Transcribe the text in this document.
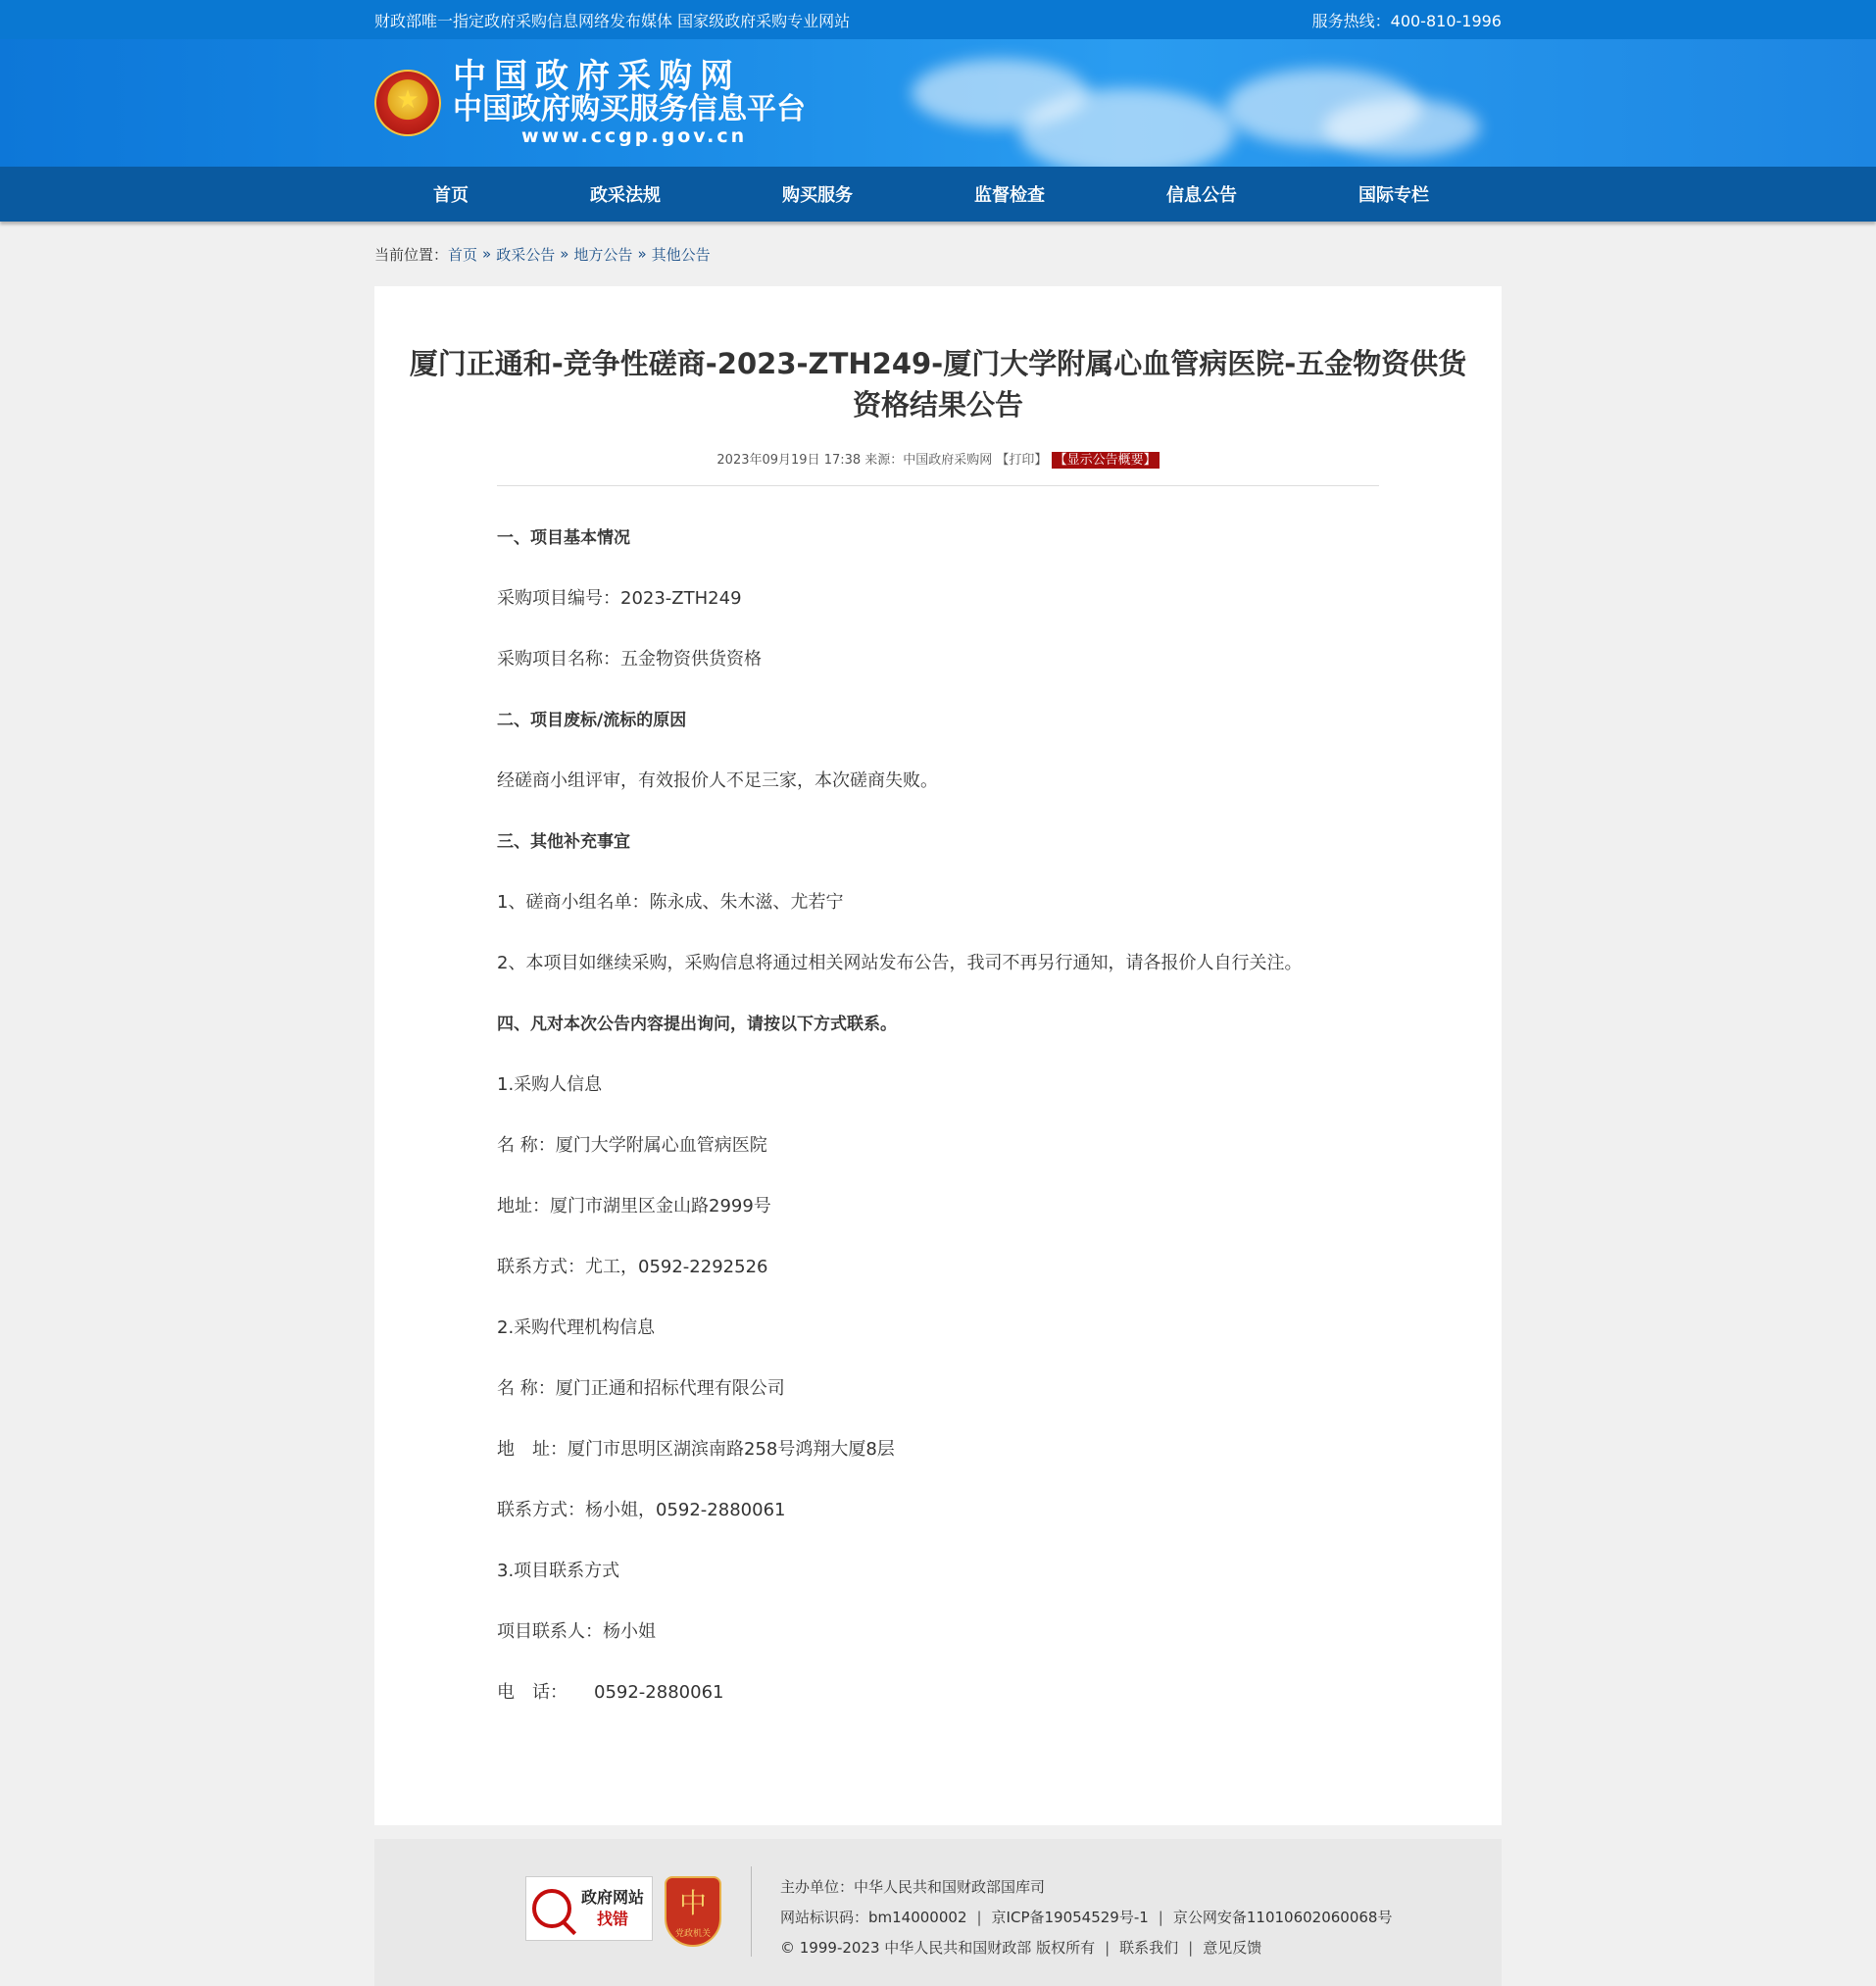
财政部唯一指定政府采购信息网络发布媒体 国家级政府采购专业网站	服务热线：400-810-1996
★
中国政府采购网
中国政府购买服务信息平台
www.ccgp.gov.cn
首页	政采法规	购买服务	监督检查	信息公告	国际专栏
当前位置： 首页 » 政采公告 » 地方公告 » 其他公告
厦门正通和-竞争性磋商-2023-ZTH249-厦门大学附属心血管病医院-五金物资供货
资格结果公告
2023年09月19日 17:38 来源：中国政府采购网 【打印】 【显示公告概要】

一、项目基本情况

采购项目编号：2023-ZTH249

采购项目名称：五金物资供货资格

二、项目废标/流标的原因

经磋商小组评审，有效报价人不足三家，本次磋商失败。

三、其他补充事宜

1、磋商小组名单：陈永成、朱木滋、尤若宁

2、本项目如继续采购，采购信息将通过相关网站发布公告，我司不再另行通知，请各报价人自行关注。

四、凡对本次公告内容提出询问，请按以下方式联系。

1.采购人信息

名 称：厦门大学附属心血管病医院

地址：厦门市湖里区金山路2999号

联系方式：尤工，0592-2292526

2.采购代理机构信息

名 称：厦门正通和招标代理有限公司

地　址：厦门市思明区湖滨南路258号鸿翔大厦8层

联系方式：杨小姐，0592-2880061

3.项目联系方式

项目联系人：杨小姐

电　话：　　0592-2880061

政府网站
找错	中
党政机关
主办单位：中华人民共和国财政部国库司
网站标识码：bm14000002 | 京ICP备19054529号-1 | 京公网安备11010602060068号
© 1999-2023 中华人民共和国财政部 版权所有 | 联系我们 | 意见反馈
